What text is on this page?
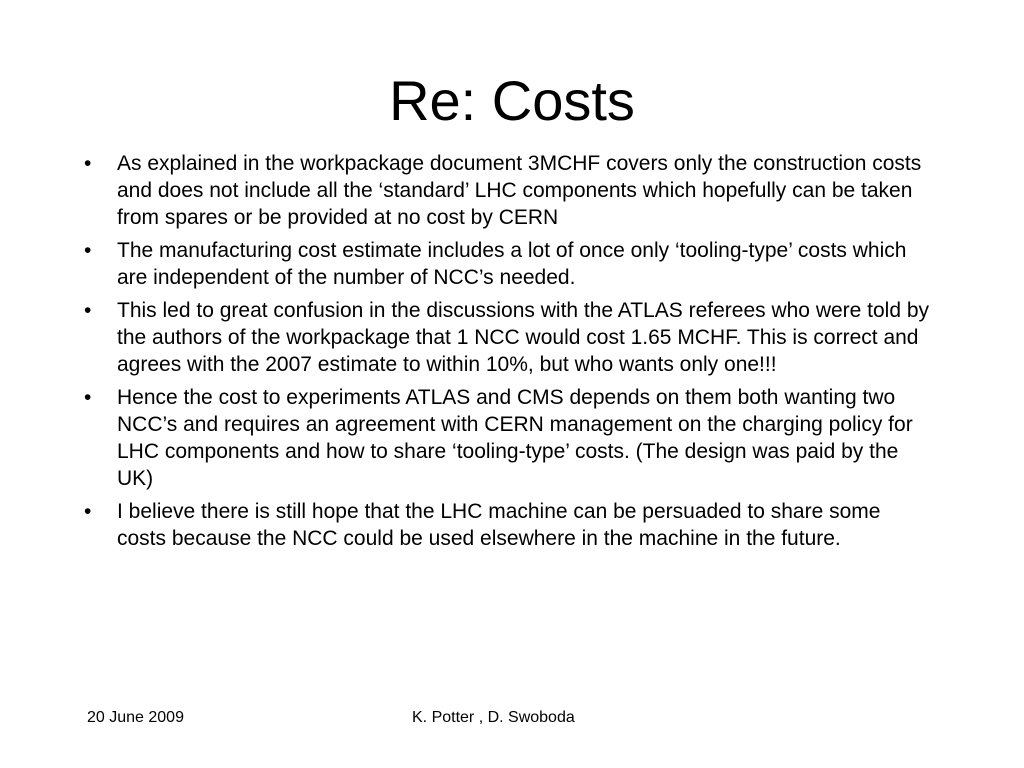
Re: Costs
•	As explained in the workpackage document 3MCHF covers only the construction costs and does not include all the ‘standard’ LHC components which hopefully can be taken from spares or be provided at no cost by CERN
•	The manufacturing cost estimate includes a lot of once only ‘tooling-type’ costs which are independent of the number of NCC’s needed.
•	This led to great confusion in the discussions with the ATLAS referees who were told by the authors of the workpackage that 1 NCC would cost 1.65 MCHF. This is correct and agrees with the 2007 estimate to within 10%, but who wants only one!!!
•	Hence the cost to experiments ATLAS and CMS depends on them both wanting two NCC’s and requires an agreement with CERN management on the charging policy for LHC components and how to share ‘tooling-type’ costs. (The design was paid by the UK)
•	I believe there is still hope that the LHC machine can be persuaded to share some costs because the NCC could be used elsewhere in the machine in the future.
20 June 2009	K. Potter , D. Swoboda
